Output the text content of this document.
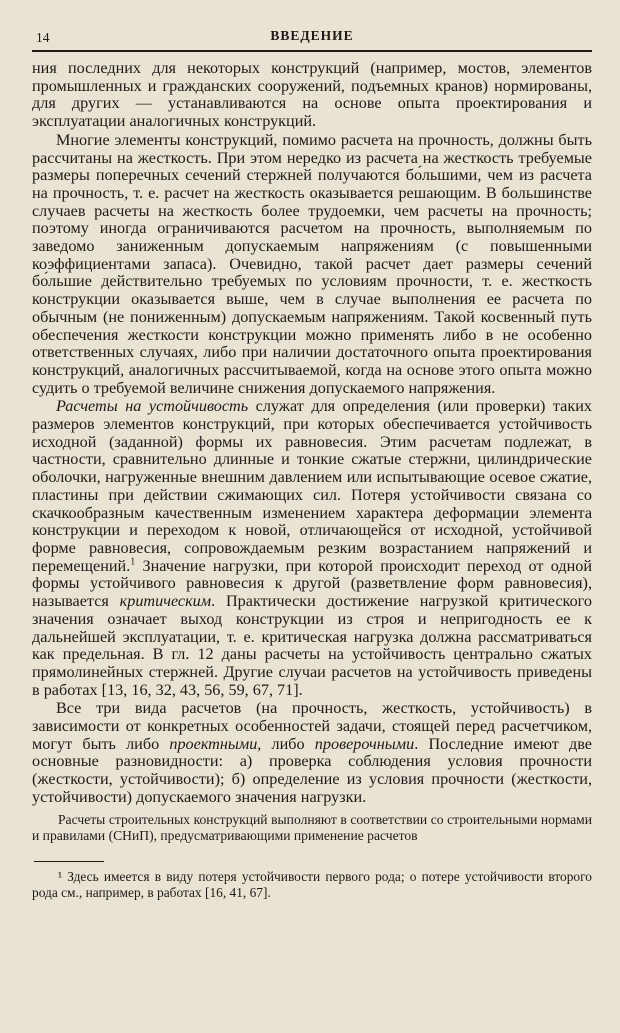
14	ВВЕДЕНИЕ

ния последних для некоторых конструкций (например, мостов, элементов промышленных и гражданских сооружений, подъемных кранов) нормированы, для других — устанавливаются на основе опыта проектирования и эксплуатации аналогичных конструкций.

Многие элементы конструкций, помимо расчета на прочность, должны быть рассчитаны на жесткость. При этом нередко из расчета на жесткость требуемые размеры поперечных сечений стержней получаются бо́льшими, чем из расчета на прочность, т. е. расчет на жесткость оказывается решающим. В большинстве случаев расчеты на жесткость более трудоемки, чем расчеты на прочность; поэтому иногда ограничиваются расчетом на прочность, выполняемым по заведомо заниженным допускаемым напряжениям (с повышенными коэффициентами запаса). Очевидно, такой расчет дает размеры сечений бо́льшие действительно требуемых по условиям прочности, т. е. жесткость конструкции оказывается выше, чем в случае выполнения ее расчета по обычным (не пониженным) допускаемым напряжениям. Такой косвенный путь обеспечения жесткости конструкции можно применять либо в не особенно ответственных случаях, либо при наличии достаточного опыта проектирования конструкций, аналогичных рассчитываемой, когда на основе этого опыта можно судить о требуемой величине снижения допускаемого напряжения.

Расчеты на устойчивость служат для определения (или проверки) таких размеров элементов конструкций, при которых обеспечивается устойчивость исходной (заданной) формы их равновесия. Этим расчетам подлежат, в частности, сравнительно длинные и тонкие сжатые стержни, цилиндрические оболочки, нагруженные внешним давлением или испытывающие осевое сжатие, пластины при действии сжимающих сил. Потеря устойчивости связана со скачкообразным качественным изменением характера деформации элемента конструкции и переходом к новой, отличающейся от исходной, устойчивой форме равновесия, сопровождаемым резким возрастанием напряжений и перемещений.$^1$ Значение нагрузки, при которой происходит переход от одной формы устойчивого равновесия к другой (разветвление форм равновесия), называется критическим. Практически достижение нагрузкой критического значения означает выход конструкции из строя и непригодность ее к дальнейшей эксплуатации, т. е. критическая нагрузка должна рассматриваться как предельная. В гл. 12 даны расчеты на устойчивость центрально сжатых прямолинейных стержней. Другие случаи расчетов на устойчивость приведены в работах [13, 16, 32, 43, 56, 59, 67, 71].

Все три вида расчетов (на прочность, жесткость, устойчивость) в зависимости от конкретных особенностей задачи, стоящей перед расчетчиком, могут быть либо проектными, либо проверочными. Последние имеют две основные разновидности: а) проверка соблюдения условия прочности (жесткости, устойчивости); б) определение из условия прочности (жесткости, устойчивости) допускаемого значения нагрузки.

Расчеты строительных конструкций выполняют в соответствии со строительными нормами и правилами (СНиП), предусматривающими применение расчетов
¹ Здесь имеется в виду потеря устойчивости первого рода; о потере устойчивости второго рода см., например, в работах [16, 41, 67].
